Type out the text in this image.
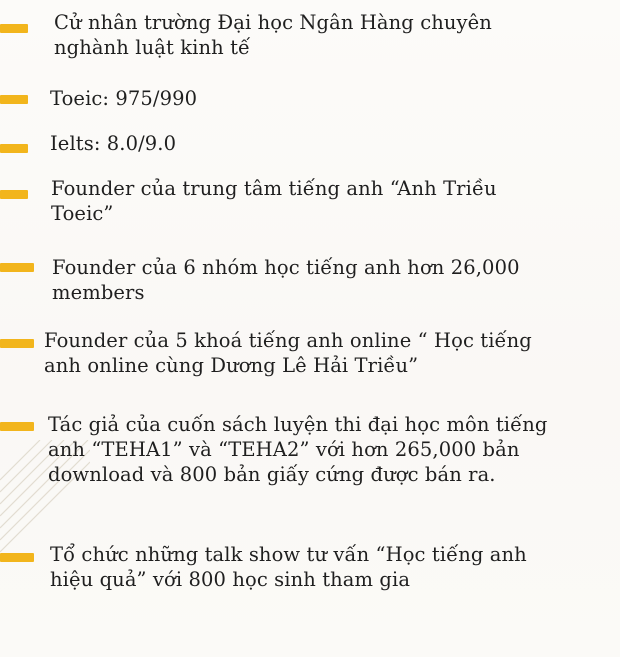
Cử nhân trường Đại học Ngân Hàng chuyên
nghành luật kinh tế
Toeic: 975/990
Ielts: 8.0/9.0
Founder của trung tâm tiếng anh “Anh Triều
Toeic”
Founder của 6 nhóm học tiếng anh hơn 26,000
members
Founder của 5 khoá tiếng anh online “ Học tiếng
anh online cùng Dương Lê Hải Triều”
Tác giả của cuốn sách luyện thi đại học môn tiếng
anh “TEHA1” và “TEHA2” với hơn 265,000 bản
download và 800 bản giấy cứng được bán ra.
Tổ chức những talk show tư vấn “Học tiếng anh
hiệu quả” với 800 học sinh tham gia
